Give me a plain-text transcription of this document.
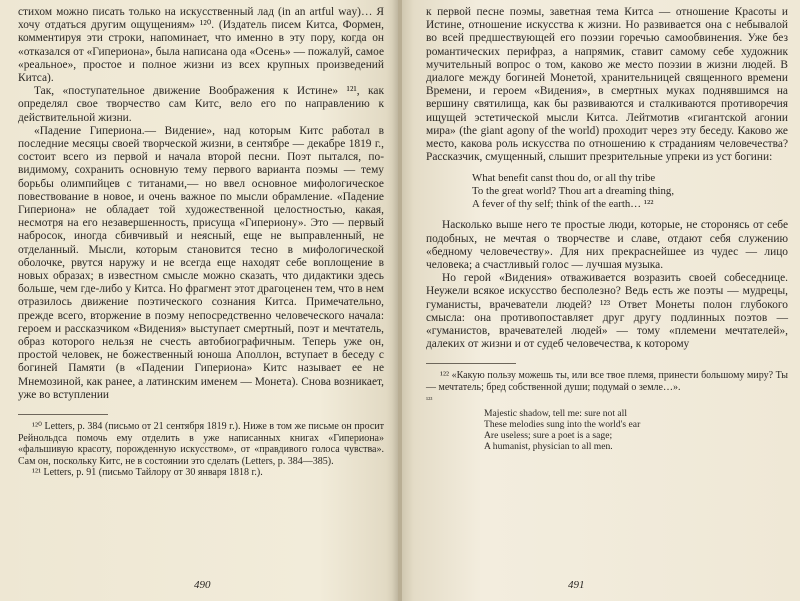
стихом можно писать только на искусственный лад (in an artful way)… Я хочу отдаться другим ощущениям» ¹²⁰. (Издатель писем Китса, Формен, комментируя эти строки, напоминает, что именно в эту пору, когда он «отказался от «Гипериона», была написана ода «Осень» — пожалуй, самое «реальное», простое и полное жизни из всех крупных произведений Китса).

Так, «поступательное движение Воображения к Истине» ¹²¹, как определял свое творчество сам Китс, вело его по направлению к действительной жизни.

«Падение Гипериона.— Видение», над которым Китс работал в последние месяцы своей творческой жизни, в сентябре — декабре 1819 г., состоит всего из первой и начала второй песни. Поэт пытался, по-видимому, сохранить основную тему первого варианта поэмы — тему борьбы олимпийцев с титанами,— но ввел основное мифологическое повествование в новое, и очень важное по мысли обрамление. «Падение Гипериона» не обладает той художественной целостностью, какая, несмотря на его незавершенность, присуща «Гипериону». Это — первый набросок, иногда сбивчивый и неясный, еще не выправленный, не отделанный. Мысли, которым становится тесно в мифологической оболочке, рвутся наружу и не всегда еще находят себе воплощение в новых образах; в известном смысле можно сказать, что дидактики здесь больше, чем где-либо у Китса. Но фрагмент этот драгоценен тем, что в нем отразилось движение поэтического сознания Китса. Примечательно, прежде всего, вторжение в поэму непосредственно человеческого начала: героем и рассказчиком «Видения» выступает смертный, поэт и мечтатель, образ которого нельзя не счесть автобиографичным. Теперь уже он, простой человек, не божественный юноша Аполлон, вступает в беседу с богиней Памяти (в «Падении Гипериона» Китс называет ее не Мнемозиной, как ранее, а латинским именем — Монета). Снова возникает, уже во вступлении

¹²⁰ Letters, p. 384 (письмо от 21 сентября 1819 г.). Ниже в том же письме он просит Рейнольдса помочь ему отделить в уже написанных книгах «Гипериона» «фальшивую красоту, порожденную искусством», от «правдивого голоса чувства». Сам он, поскольку Китс, не в состоянии это сделать (Letters, p. 384—385).

¹²¹ Letters, p. 91 (письмо Тайлору от 30 января 1818 г.).

490

к первой песне поэмы, заветная тема Китса — отношение Красоты и Истине, отношение искусства к жизни. Но развивается она с небывалой во всей предшествующей его поэзии горечью самообвинения. Уже без романтических перифраз, а напрямик, ставит самому себе художник мучительный вопрос о том, каково же место поэзии в жизни людей. В диалоге между богиней Монетой, хранительницей священного времени Времени, и героем «Видения», в смертных муках поднявшимся на вершину святилища, как бы развиваются и сталкиваются противоречия ищущей эстетической мысли Китса. Лейтмотив «гигантской агонии мира» (the giant agony of the world) проходит через эту беседу. Каково же место, какова роль искусства по отношению к страданиям человечества? Рассказчик, смущенный, слышит презрительные упреки из уст богини:

What benefit canst thou do, or all thy tribe
To the great world? Thou art a dreaming thing,
A fever of thy self; think of the earth… ¹²²

Насколько выше него те простые люди, которые, не сторонясь от себе подобных, не мечтая о творчестве и славе, отдают себя служению «бедному человечеству». Для них прекраснейшее из чудес — лицо человека; а счастливый голос — лучшая музыка.

Но герой «Видения» отваживается возразить своей собеседнице. Неужели всякое искусство бесполезно? Ведь есть же поэты — мудрецы, гуманисты, врачеватели людей? ¹²³ Ответ Монеты полон глубокого смысла: она противопоставляет друг другу подлинных поэтов — «гуманистов, врачевателей людей» — тому «племени мечтателей», далеких от жизни и от судеб человечества, к которому

¹²² «Какую пользу можешь ты, или все твое племя, принести большому миру? Ты — мечтатель; бред собственной души; подумай о земле…».

¹²³
Majestic shadow, tell me: sure not all
These melodies sung into the world's ear
Are useless; sure a poet is a sage;
A humanist, physician to all men.
491
